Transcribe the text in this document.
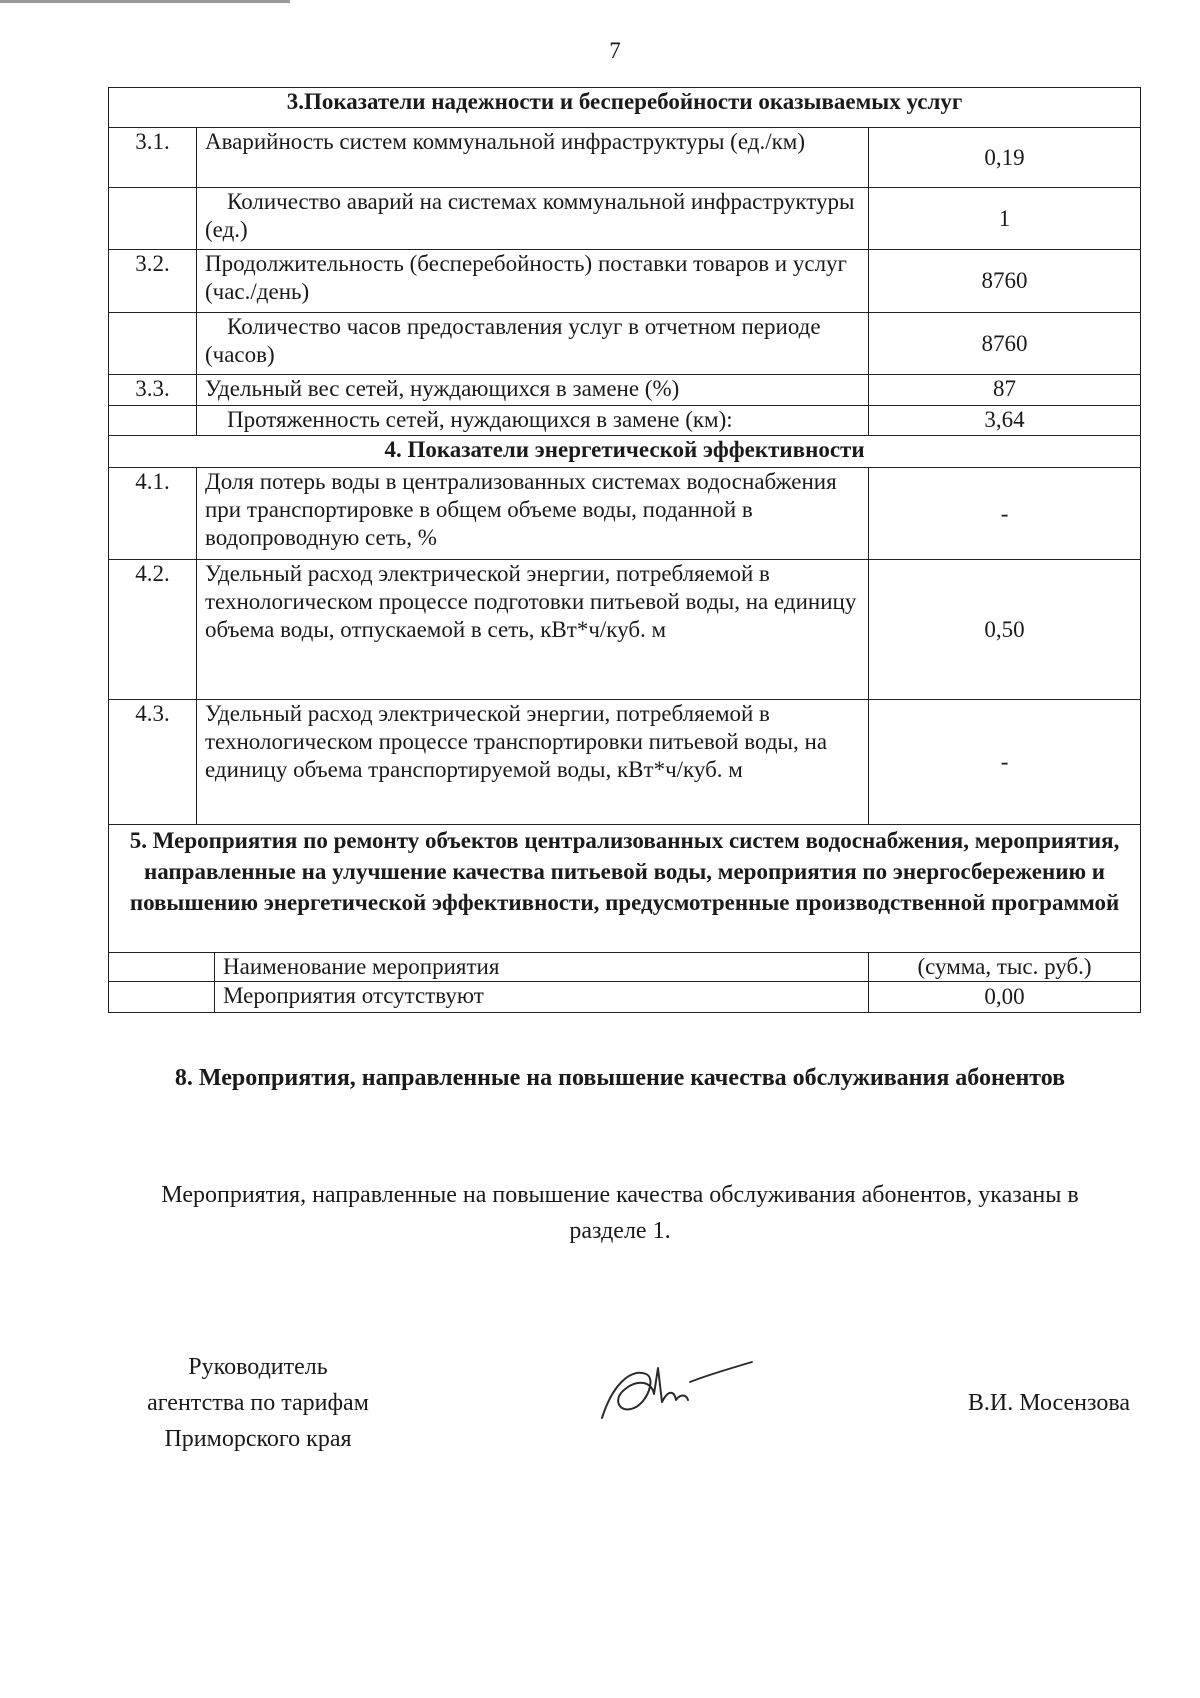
7
3.Показатели надежности и бесперебойности оказываемых услуг			
3.1.	Аварийность систем коммунальной инфраструктуры (ед./км)		0,19
	Количество аварий на системах коммунальной инфраструктуры (ед.)		1
3.2.	Продолжительность (бесперебойность) поставки товаров и услуг (час./день)		8760
	Количество часов предоставления услуг в отчетном периоде (часов)		8760
3.3.	Удельный вес сетей, нуждающихся в замене (%)		87
	Протяженность сетей, нуждающихся в замене (км):		3,64
4. Показатели энергетической эффективности			
4.1.	Доля потерь воды в централизованных системах водоснабжения при транспортировке в общем объеме воды, поданной в водопроводную сеть, %		-
4.2.	Удельный расход электрической энергии, потребляемой в технологическом процессе подготовки питьевой воды, на единицу объема воды, отпускаемой в сеть, кВт*ч/куб. м		0,50
4.3.	Удельный расход электрической энергии, потребляемой в технологическом процессе транспортировки питьевой воды, на единицу объема транспортируемой воды, кВт*ч/куб. м		-
5. Мероприятия по ремонту объектов централизованных систем водоснабжения, мероприятия, направленные на улучшение качества питьевой воды, мероприятия по энергосбережению и повышению энергетической эффективности, предусмотренные производственной программой			
		Наименование мероприятия	(сумма, тыс. руб.)
		Мероприятия отсутствуют	0,00
8. Мероприятия, направленные на повышение качества обслуживания абонентов
Мероприятия, направленные на повышение качества обслуживания абонентов, указаны в разделе 1.
Руководитель
агентства по тарифам
Приморского края
В.И. Мосензова
